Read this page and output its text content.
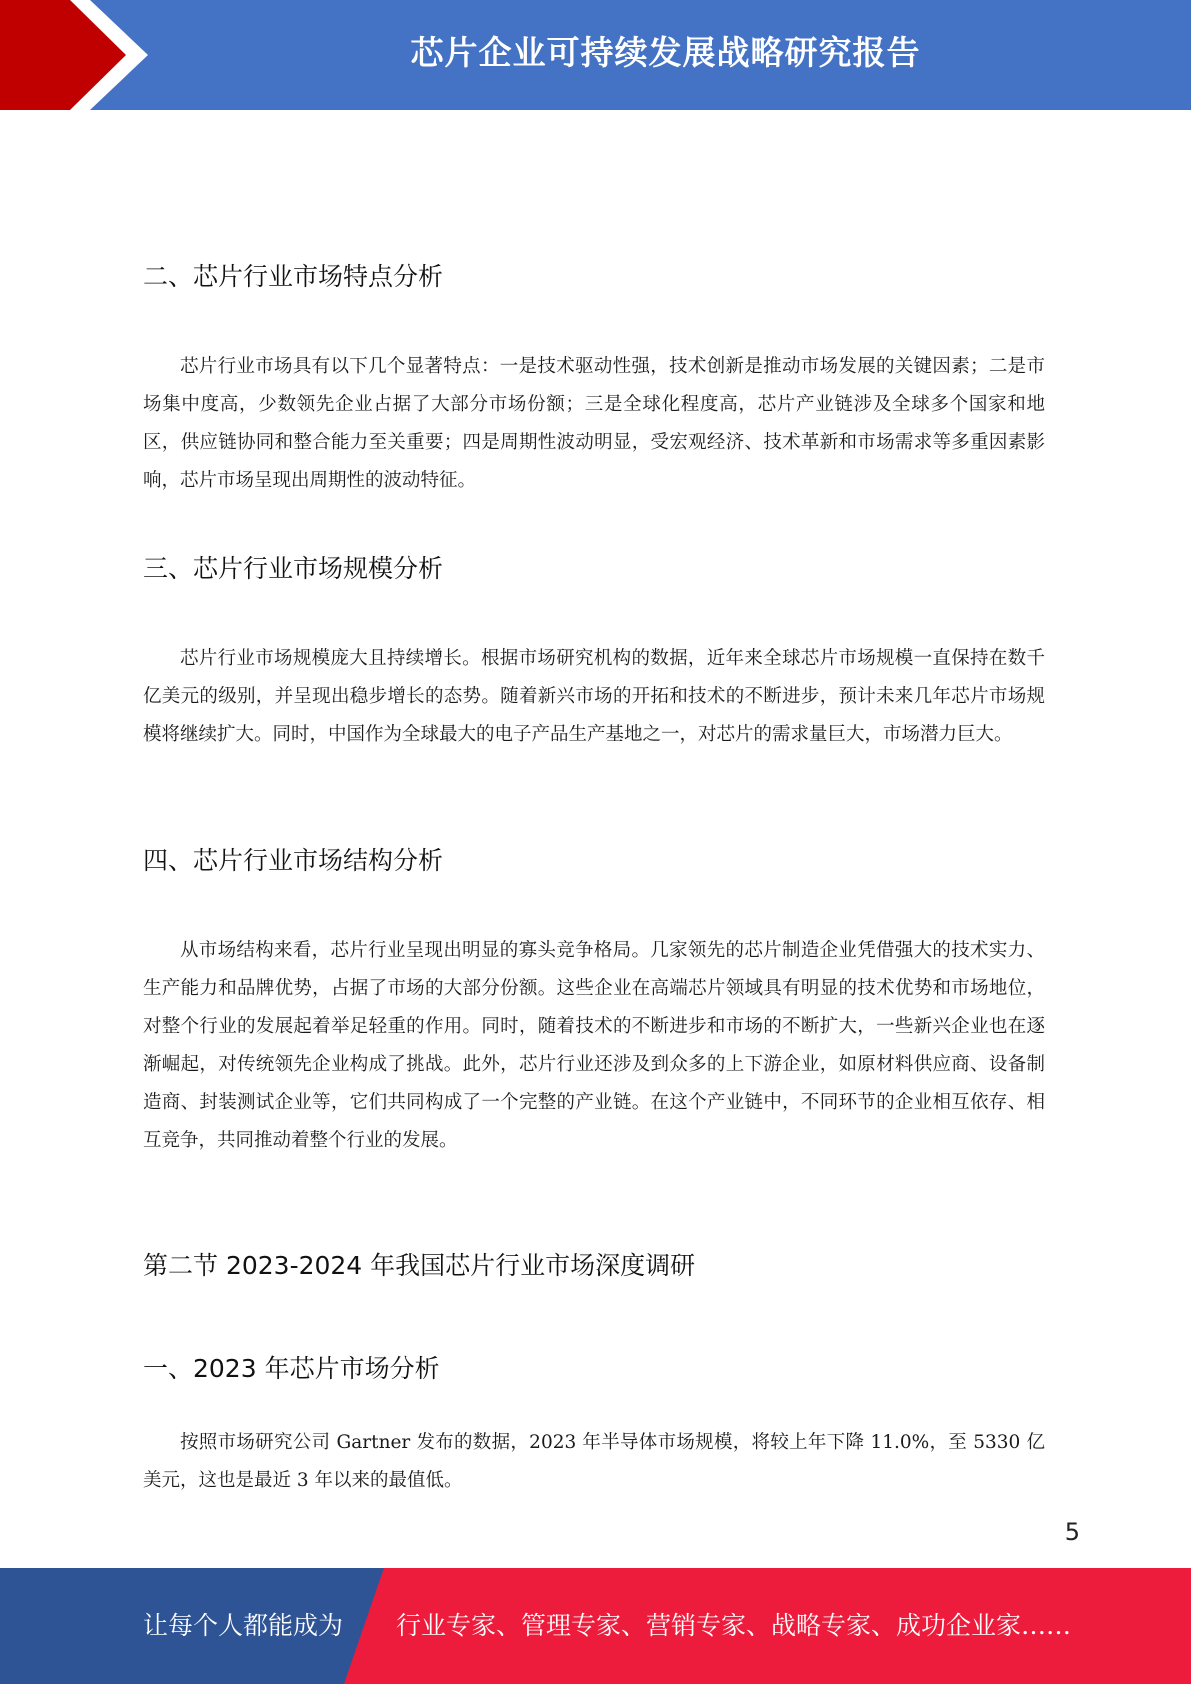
芯片企业可持续发展战略研究报告
二、芯片行业市场特点分析
芯片行业市场具有以下几个显著特点：一是技术驱动性强，技术创新是推动市场发展的关键因素；二是市场集中度高，少数领先企业占据了大部分市场份额；三是全球化程度高，芯片产业链涉及全球多个国家和地区，供应链协同和整合能力至关重要；四是周期性波动明显，受宏观经济、技术革新和市场需求等多重因素影响，芯片市场呈现出周期性的波动特征。
三、芯片行业市场规模分析
芯片行业市场规模庞大且持续增长。根据市场研究机构的数据，近年来全球芯片市场规模一直保持在数千亿美元的级别，并呈现出稳步增长的态势。随着新兴市场的开拓和技术的不断进步，预计未来几年芯片市场规模将继续扩大。同时，中国作为全球最大的电子产品生产基地之一，对芯片的需求量巨大，市场潜力巨大。
四、芯片行业市场结构分析
从市场结构来看，芯片行业呈现出明显的寡头竞争格局。几家领先的芯片制造企业凭借强大的技术实力、生产能力和品牌优势，占据了市场的大部分份额。这些企业在高端芯片领域具有明显的技术优势和市场地位，对整个行业的发展起着举足轻重的作用。同时，随着技术的不断进步和市场的不断扩大，一些新兴企业也在逐渐崛起，对传统领先企业构成了挑战。此外，芯片行业还涉及到众多的上下游企业，如原材料供应商、设备制造商、封装测试企业等，它们共同构成了一个完整的产业链。在这个产业链中，不同环节的企业相互依存、相互竞争，共同推动着整个行业的发展。
第二节 2023-2024 年我国芯片行业市场深度调研
一、2023 年芯片市场分析
按照市场研究公司 Gartner 发布的数据，2023 年半导体市场规模，将较上年下降 11.0%，至 5330 亿美元，这也是最近 3 年以来的最值低。
5
让每个人都能成为 行业专家、管理专家、营销专家、战略专家、成功企业家……
